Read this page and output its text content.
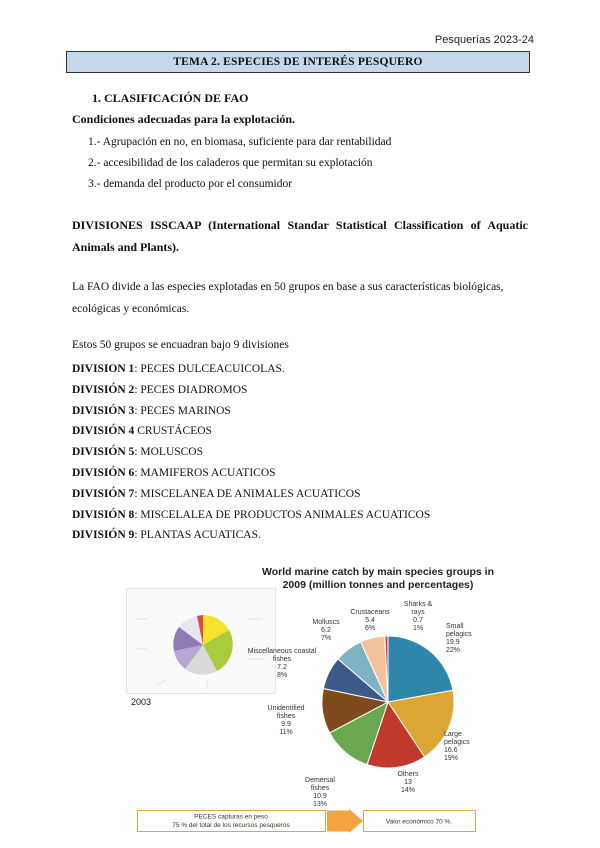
Pesquerías 2023-24
TEMA 2. ESPECIES DE INTERÉS PESQUERO
1. CLASIFICACIÓN DE FAO
Condiciones adecuadas para la explotación.
1.- Agrupación en no, en biomasa, suficiente para dar rentabilidad
2.- accesibilidad de los caladeros que permitan su explotación
3.- demanda del producto por el consumidor
DIVISIONES ISSCAAP (International Standar Statistical Classification of Aquatic Animals and Plants).
La FAO divide a las especies explotadas en 50 grupos en base a sus características biológicas, ecológicas y económicas.
Estos 50 grupos se encuadran bajo 9 divisiones
DIVISION 1: PECES DULCEACUICOLAS.
DIVISIÓN 2: PECES DIADROMOS
DIVISIÓN 3: PECES MARINOS
DIVISIÓN 4 CRUSTÁCEOS
DIVISIÓN 5: MOLUSCOS
DIVISIÓN 6: MAMIFEROS ACUATICOS
DIVISIÓN 7: MISCELANEA DE ANIMALES ACUATICOS
DIVISIÓN 8: MISCELALEA DE PRODUCTOS ANIMALES ACUATICOS
DIVISIÓN 9: PLANTAS ACUATICAS.
2003
World marine catch by main species groups in 2009 (million tonnes and percentages)
Small pelagics 19.9 22%
Large pelagics 16.6 19%
Others 13 14%
Demersal fishes 10.9 13%
Unidentified fishes 9.9 11%
Miscellaneous coastal fishes 7.2 8%
Molluscs 6.2 7%
Crustaceans 5.4 6%
Sharks & rays 0.7 1%
PECES capturas en peso
75 % del total de los recursos pesqueros	Valor económico 70 %.
